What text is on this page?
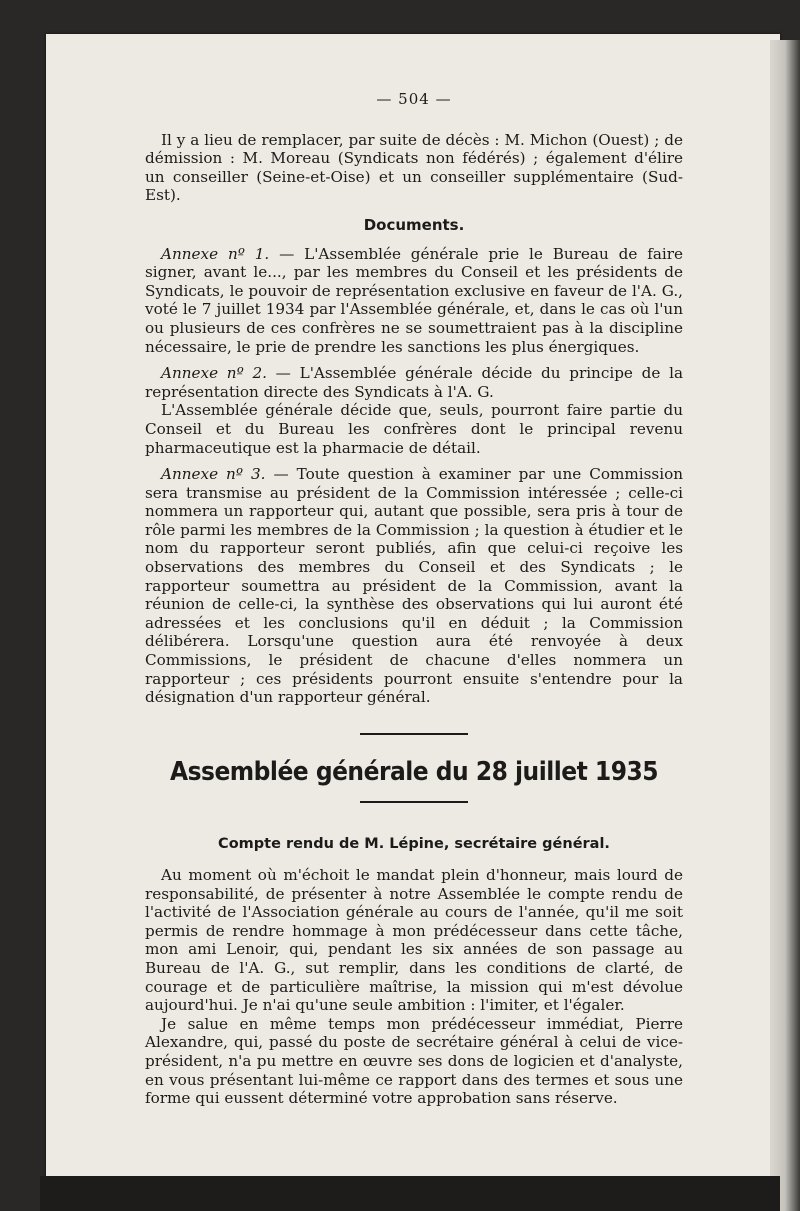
— 504 —

Il y a lieu de remplacer, par suite de décès : M. Michon (Ouest) ; de démission : M. Moreau (Syndicats non fédérés) ; également d'élire un conseiller (Seine-et-Oise) et un conseiller supplémentaire (Sud-Est).

Documents.

Annexe nº 1. — L'Assemblée générale prie le Bureau de faire signer, avant le..., par les membres du Conseil et les présidents de Syndicats, le pouvoir de représentation exclusive en faveur de l'A. G., voté le 7 juillet 1934 par l'Assemblée générale, et, dans le cas où l'un ou plusieurs de ces confrères ne se soumettraient pas à la discipline nécessaire, le prie de prendre les sanctions les plus énergiques.

Annexe nº 2. — L'Assemblée générale décide du principe de la représentation directe des Syndicats à l'A. G.

L'Assemblée générale décide que, seuls, pourront faire partie du Conseil et du Bureau les confrères dont le principal revenu pharmaceutique est la pharmacie de détail.

Annexe nº 3. — Toute question à examiner par une Commission sera transmise au président de la Commission intéressée ; celle-ci nommera un rapporteur qui, autant que possible, sera pris à tour de rôle parmi les membres de la Commission ; la question à étudier et le nom du rapporteur seront publiés, afin que celui-ci reçoive les observations des membres du Conseil et des Syndicats ; le rapporteur soumettra au président de la Commission, avant la réunion de celle-ci, la synthèse des observations qui lui auront été adressées et les conclusions qu'il en déduit ; la Commission délibérera. Lorsqu'une question aura été renvoyée à deux Commissions, le président de chacune d'elles nommera un rapporteur ; ces présidents pourront ensuite s'entendre pour la désignation d'un rapporteur général.

Assemblée générale du 28 juillet 1935
Compte rendu de M. Lépine, secrétaire général.

Au moment où m'échoit le mandat plein d'honneur, mais lourd de responsabilité, de présenter à notre Assemblée le compte rendu de l'activité de l'Association générale au cours de l'année, qu'il me soit permis de rendre hommage à mon prédécesseur dans cette tâche, mon ami Lenoir, qui, pendant les six années de son passage au Bureau de l'A. G., sut remplir, dans les conditions de clarté, de courage et de particulière maîtrise, la mission qui m'est dévolue aujourd'hui. Je n'ai qu'une seule ambition : l'imiter, et l'égaler.

Je salue en même temps mon prédécesseur immédiat, Pierre Alexandre, qui, passé du poste de secrétaire général à celui de vice-président, n'a pu mettre en œuvre ses dons de logicien et d'analyste, en vous présentant lui-même ce rapport dans des termes et sous une forme qui eussent déterminé votre approbation sans réserve.
